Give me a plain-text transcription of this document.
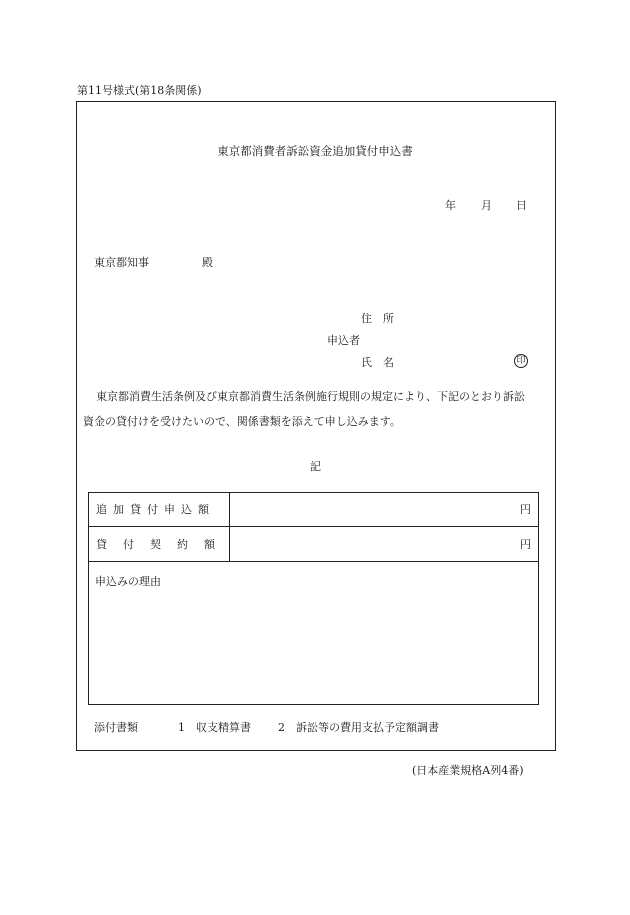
第11号様式(第18条関係)
東京都消費者訴訟資金追加貸付申込書
年 月 日
東京都知事	殿
住　所
申込者
氏　名	印
東京都消費生活条例及び東京都消費生活条例施行規則の規定により、下記のとおり訴訟
資金の貸付けを受けたいので、関係書類を添えて申し込みます。
記
追加貸付申込額	円
貸付契約額	円
申込みの理由
添付書類	1 収支精算書 2 訴訟等の費用支払予定額調書
(日本産業規格A列4番)
